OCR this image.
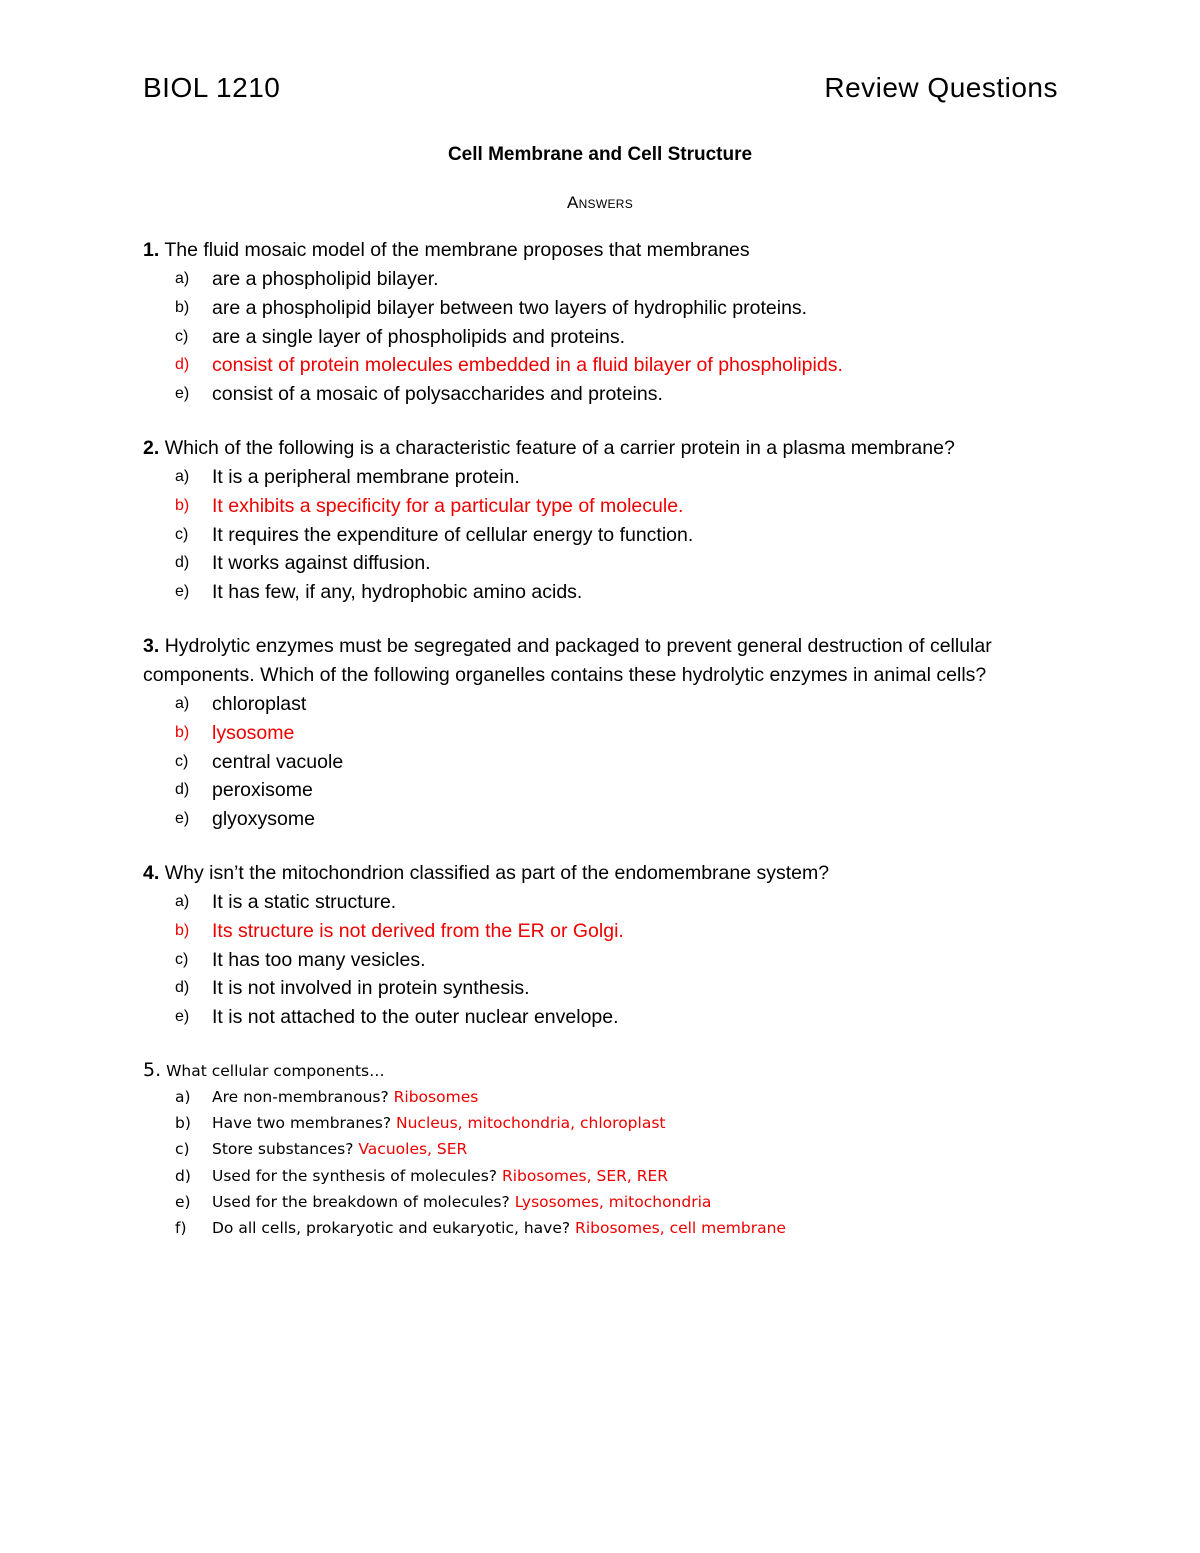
BIOL 1210	Review Questions
Cell Membrane and Cell Structure
Answers
1. The fluid mosaic model of the membrane proposes that membranes
a)	are a phospholipid bilayer.
b)	are a phospholipid bilayer between two layers of hydrophilic proteins.
c)	are a single layer of phospholipids and proteins.
d)	consist of protein molecules embedded in a fluid bilayer of phospholipids.
e)	consist of a mosaic of polysaccharides and proteins.
2. Which of the following is a characteristic feature of a carrier protein in a plasma membrane?
a)	It is a peripheral membrane protein.
b)	It exhibits a specificity for a particular type of molecule.
c)	It requires the expenditure of cellular energy to function.
d)	It works against diffusion.
e)	It has few, if any, hydrophobic amino acids.
3. Hydrolytic enzymes must be segregated and packaged to prevent general destruction of cellular components. Which of the following organelles contains these hydrolytic enzymes in animal cells?
a)	chloroplast
b)	lysosome
c)	central vacuole
d)	peroxisome
e)	glyoxysome
4. Why isn’t the mitochondrion classified as part of the endomembrane system?
a)	It is a static structure.
b)	Its structure is not derived from the ER or Golgi.
c)	It has too many vesicles.
d)	It is not involved in protein synthesis.
e)	It is not attached to the outer nuclear envelope.
5. What cellular components…
a)	Are non-membranous? Ribosomes
b)	Have two membranes? Nucleus, mitochondria, chloroplast
c)	Store substances? Vacuoles, SER
d)	Used for the synthesis of molecules? Ribosomes, SER, RER
e)	Used for the breakdown of molecules? Lysosomes, mitochondria
f)	Do all cells, prokaryotic and eukaryotic, have? Ribosomes, cell membrane
